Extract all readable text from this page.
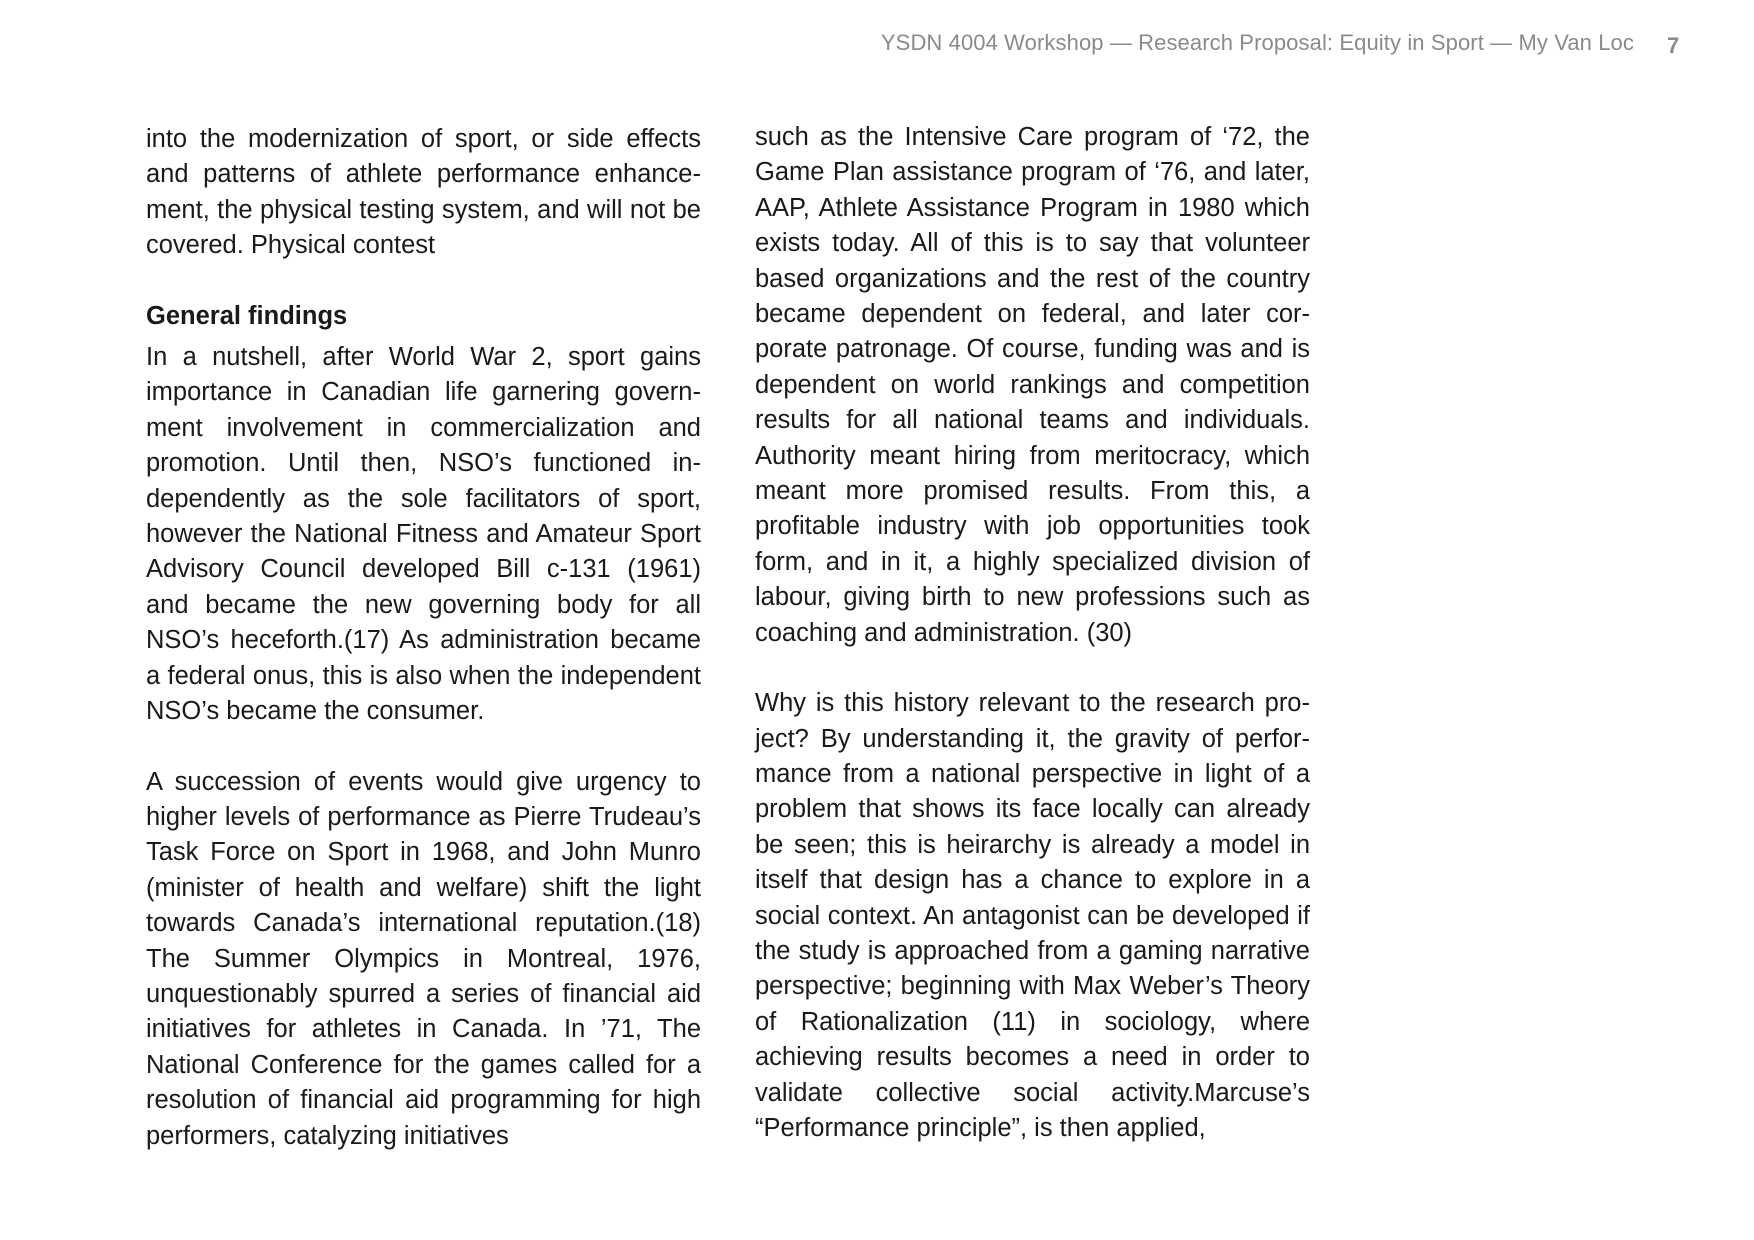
YSDN 4004 Workshop — Research Proposal: Equity in Sport — My Van Loc 7

into the modernization of sport, or side effects and patterns of athlete performance enhancement, the physical testing system, and will not be covered. Physical contest

General findings

In a nutshell, after World War 2, sport gains importance in Canadian life garnering government involvement in commercialization and promotion. Until then, NSO’s functioned independently as the sole facilitators of sport, however the National Fitness and Amateur Sport Advisory Council developed Bill c-131 (1961) and became the new governing body for all NSO’s heceforth.(17) As administration became a federal onus, this is also when the independent NSO’s became the consumer.

A succession of events would give urgency to higher levels of performance as Pierre Trudeau’s Task Force on Sport in 1968, and John Munro (minister of health and welfare) shift the light towards Canada’s international reputation.(18) The Summer Olympics in Montreal, 1976, unquestionably spurred a series of financial aid initiatives for athletes in Canada. In ’71, The National Conference for the games called for a resolution of financial aid programming for high performers, catalyzing initiatives

such as the Intensive Care program of ‘72, the Game Plan assistance program of ‘76, and later, AAP, Athlete Assistance Program in 1980 which exists today. All of this is to say that volunteer based organizations and the rest of the country became dependent on federal, and later corporate patronage. Of course, funding was and is dependent on world rankings and competition results for all national teams and individuals. Authority meant hiring from meritocracy, which meant more promised results. From this, a profitable industry with job opportunities took form, and in it, a highly specialized division of labour, giving birth to new professions such as coaching and administration. (30)

Why is this history relevant to the research project? By understanding it, the gravity of performance from a national perspective in light of a problem that shows its face locally can already be seen; this is heirarchy is already a model in itself that design has a chance to explore in a social context. An antagonist can be developed if the study is approached from a gaming narrative perspective; beginning with Max Weber’s Theory of Rationalization (11) in sociology, where achieving results becomes a need in order to validate collective social activity.Marcuse’s “Performance principle”, is then applied,
